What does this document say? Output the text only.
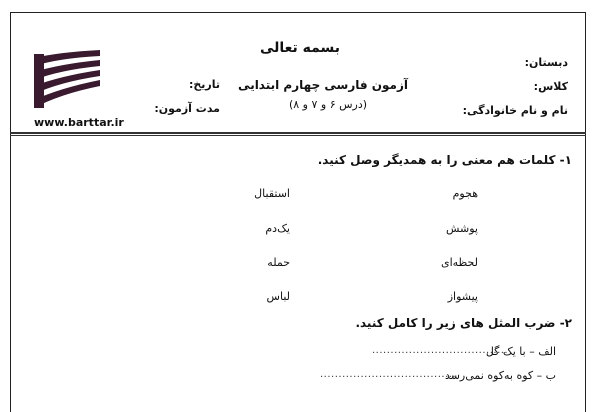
www.barttar.ir
بسمه تعالی
آزمون فارسی چهارم ابتدایی
(درس ۶ و ۷ و ۸)
دبستان:
کلاس:
نام و نام خانوادگی:
تاریخ:
مدت آزمون:
۱- کلمات هم معنی را به همدیگر وصل کنید.
هجوم
پوشش
لحظه‌ای
پیشواز
استقبال
یک‌دم
حمله
لباس
۲- ضرب المثل های زیر را کامل کنید.
الف – با یک گل
.....................................
ب – کوه به‌کوه نمی‌رسد
.....................................
